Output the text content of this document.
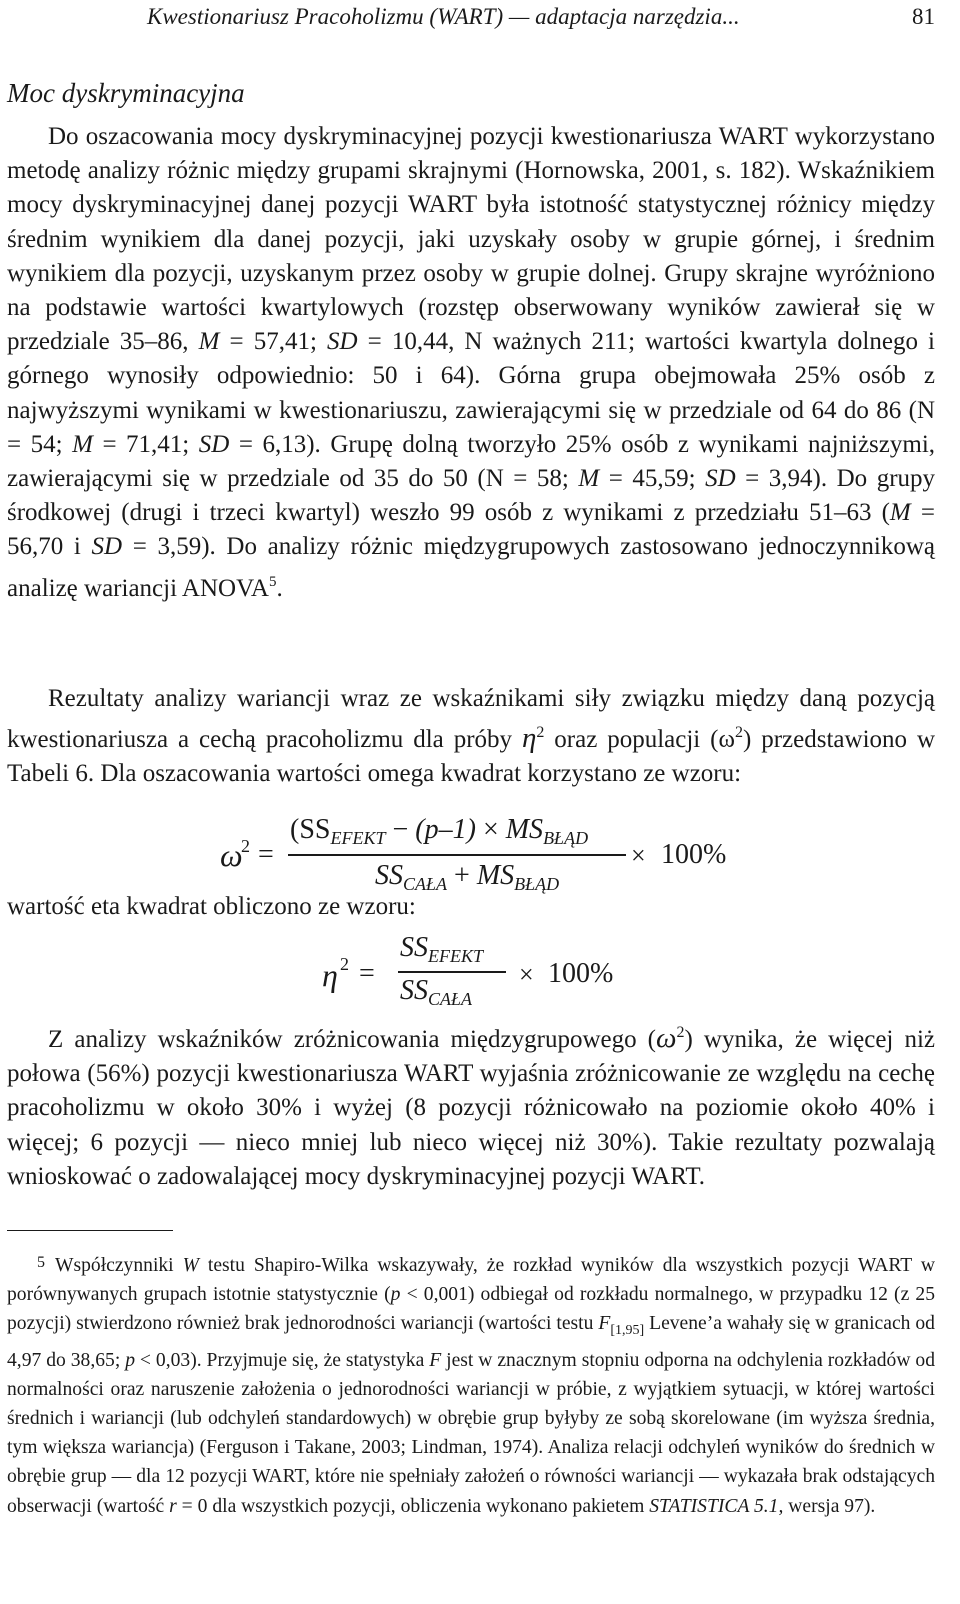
Kwestionariusz Pracoholizmu (WART) — adaptacja narzędzia...	81
Moc dyskryminacyjna

Do oszacowania mocy dyskryminacyjnej pozycji kwestionariusza WART wykorzystano metodę analizy różnic między grupami skrajnymi (Hornowska, 2001, s. 182). Wskaźnikiem mocy dyskryminacyjnej danej pozycji WART była istotność statystycznej różnicy między średnim wynikiem dla danej pozycji, jaki uzyskały osoby w grupie górnej, i średnim wynikiem dla pozycji, uzyskanym przez osoby w grupie dolnej. Grupy skrajne wyróżniono na podstawie wartości kwartylowych (rozstęp obserwowany wyników zawierał się w przedziale 35–86, M = 57,41; SD = 10,44, N ważnych 211; wartości kwartyla dolnego i górnego wynosiły odpowiednio: 50 i 64). Górna grupa obejmowała 25% osób z najwyższymi wynikami w kwestionariuszu, zawierającymi się w przedziale od 64 do 86 (N = 54; M = 71,41; SD = 6,13). Grupę dolną tworzyło 25% osób z wynikami najniższymi, zawierającymi się w przedziale od 35 do 50 (N = 58; M = 45,59; SD = 3,94). Do grupy środkowej (drugi i trzeci kwartyl) weszło 99 osób z wynikami z przedziału 51–63 (M = 56,70 i SD = 3,59). Do analizy różnic międzygrupowych zastosowano jednoczynnikową analizę wariancji ANOVA$^5$.

Rezultaty analizy wariancji wraz ze wskaźnikami siły związku między daną pozycją kwestionariusza a cechą pracoholizmu dla próby $\eta^2$ oraz populacji $(\omega^2)$ przedstawiono w Tabeli 6. Dla oszacowania wartości omega kwadrat korzystano ze wzoru:

ω
2 =
($SS_{EFEKT} - (p-1) \times MS_{BŁĄD}$
$SS_{CAŁA} + MS_{BŁĄD}$
× 100%

wartość eta kwadrat obliczono ze wzoru:

η 2 =
$SS_{EFEKT}$
$SS_{CAŁA}$
× 100%

Z analizy wskaźników zróżnicowania międzygrupowego $(\omega^2)$ wynika, że więcej niż połowa (56%) pozycji kwestionariusza WART wyjaśnia zróżnicowanie ze względu na cechę pracoholizmu w około 30% i wyżej (8 pozycji różnicowało na poziomie około 40% i więcej; 6 pozycji — nieco mniej lub nieco więcej niż 30%). Takie rezultaty pozwalają wnioskować o zadowalającej mocy dyskryminacyjnej pozycji WART.

$^5$ Współczynniki W testu Shapiro-Wilka wskazywały, że rozkład wyników dla wszystkich pozycji WART w porównywanych grupach istotnie statystycznie (p < 0,001) odbiegał od rozkładu normalnego, w przypadku 12 (z 25 pozycji) stwierdzono również brak jednorodności wariancji (wartości testu $F_{[1,95]}$ Levene’a wahały się w granicach od 4,97 do 38,65; p < 0,03). Przyjmuje się, że statystyka F jest w znacznym stopniu odporna na odchylenia rozkładów od normalności oraz naruszenie założenia o jednorodności wariancji w próbie, z wyjątkiem sytuacji, w której wartości średnich i wariancji (lub odchyleń standardowych) w obrębie grup byłyby ze sobą skorelowane (im wyższa średnia, tym większa wariancja) (Ferguson i Takane, 2003; Lindman, 1974). Analiza relacji odchyleń wyników do średnich w obrębie grup — dla 12 pozycji WART, które nie spełniały założeń o równości wariancji — wykazała brak odstających obserwacji (wartość r = 0 dla wszystkich pozycji, obliczenia wykonano pakietem STATISTICA 5.1, wersja 97).
